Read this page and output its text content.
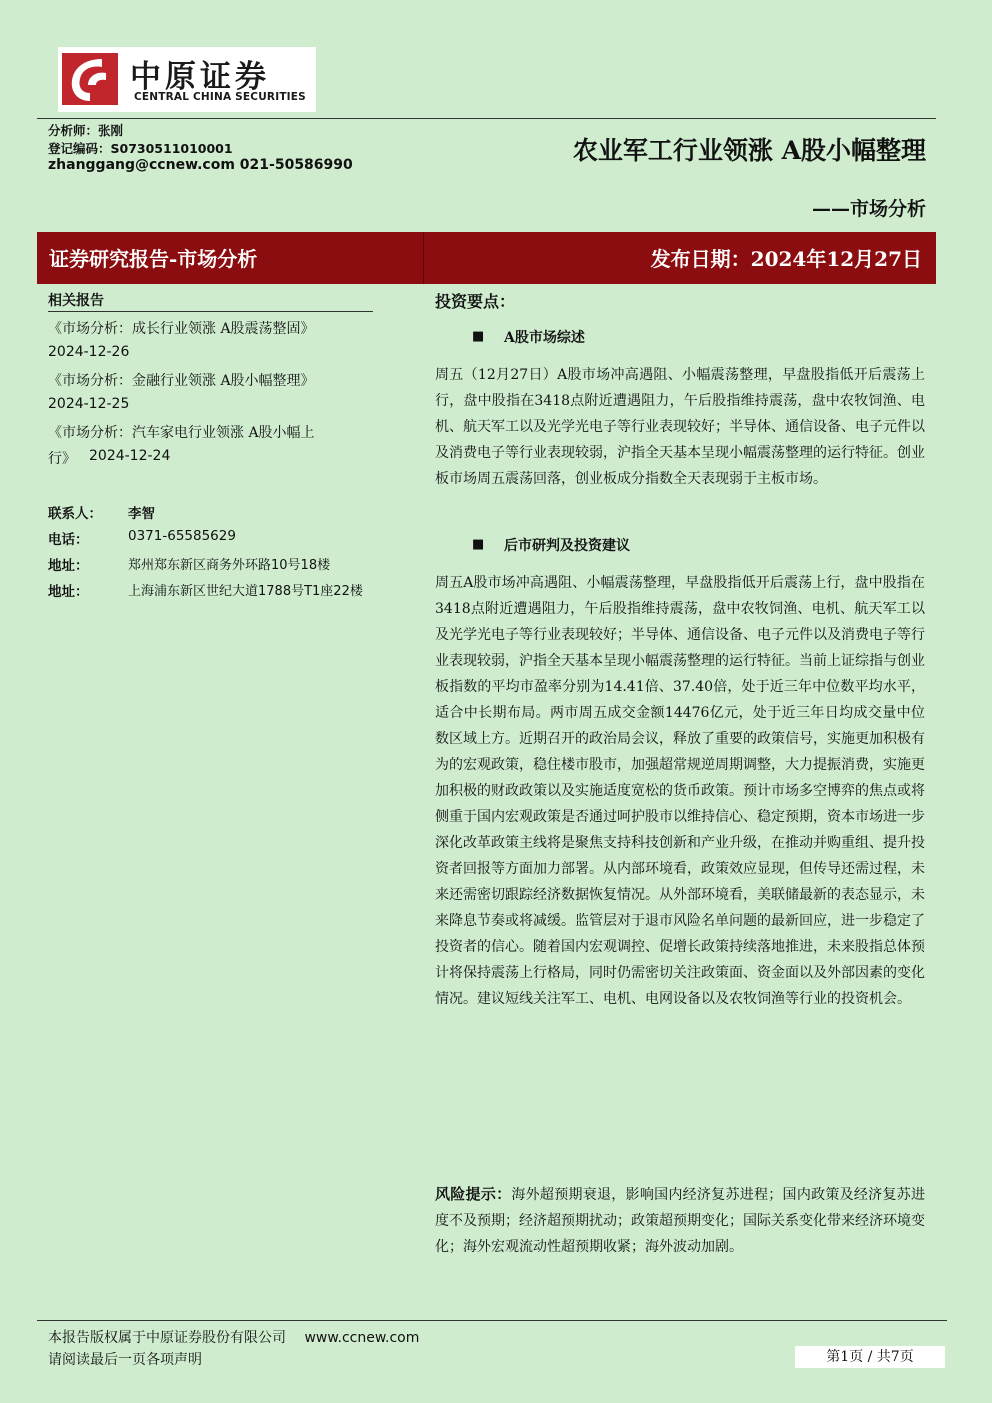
中原证券
CENTRAL CHINA SECURITIES
分析师：张刚
登记编码：S0730511010001
zhanggang@ccnew.com 021-50586990	农业军工行业领涨 A股小幅整理
——市场分析
证券研究报告-市场分析	发布日期：2024年12月27日
相关报告
《市场分析：成长行业领涨 A股震荡整固》
2024-12-26
《市场分析：金融行业领涨 A股小幅整理》
2024-12-25
《市场分析：汽车家电行业领涨 A股小幅上
行》 2024-12-24
联系人：	李智
电话：	0371-65585629
地址：	郑州郑东新区商务外环路10号18楼
地址：	上海浦东新区世纪大道1788号T1座22楼
投资要点：
■ A股市场综述
周五（12月27日）A股市场冲高遇阻、小幅震荡整理，早盘股指低开后震荡上行，盘中股指在3418点附近遭遇阻力，午后股指维持震荡，盘中农牧饲渔、电机、航天军工以及光学光电子等行业表现较好；半导体、通信设备、电子元件以及消费电子等行业表现较弱，沪指全天基本呈现小幅震荡整理的运行特征。创业板市场周五震荡回落，创业板成分指数全天表现弱于主板市场。
■ 后市研判及投资建议
周五A股市场冲高遇阻、小幅震荡整理，早盘股指低开后震荡上行，盘中股指在3418点附近遭遇阻力，午后股指维持震荡，盘中农牧饲渔、电机、航天军工以及光学光电子等行业表现较好；半导体、通信设备、电子元件以及消费电子等行业表现较弱，沪指全天基本呈现小幅震荡整理的运行特征。当前上证综指与创业板指数的平均市盈率分别为14.41倍、37.40倍，处于近三年中位数平均水平，适合中长期布局。两市周五成交金额14476亿元，处于近三年日均成交量中位数区域上方。近期召开的政治局会议，释放了重要的政策信号，实施更加积极有为的宏观政策，稳住楼市股市，加强超常规逆周期调整，大力提振消费，实施更加积极的财政政策以及实施适度宽松的货币政策。预计市场多空博弈的焦点或将侧重于国内宏观政策是否通过呵护股市以维持信心、稳定预期，资本市场进一步深化改革政策主线将是聚焦支持科技创新和产业升级，在推动并购重组、提升投资者回报等方面加力部署。从内部环境看，政策效应显现，但传导还需过程，未来还需密切跟踪经济数据恢复情况。从外部环境看，美联储最新的表态显示，未来降息节奏或将减缓。监管层对于退市风险名单问题的最新回应，进一步稳定了投资者的信心。随着国内宏观调控、促增长政策持续落地推进，未来股指总体预计将保持震荡上行格局，同时仍需密切关注政策面、资金面以及外部因素的变化情况。建议短线关注军工、电机、电网设备以及农牧饲渔等行业的投资机会。
风险提示：海外超预期衰退，影响国内经济复苏进程；国内政策及经济复苏进度不及预期；经济超预期扰动；政策超预期变化；国际关系变化带来经济环境变化；海外宏观流动性超预期收紧；海外波动加剧。
本报告版权属于中原证券股份有限公司 www.ccnew.com
请阅读最后一页各项声明	第1页 / 共7页
